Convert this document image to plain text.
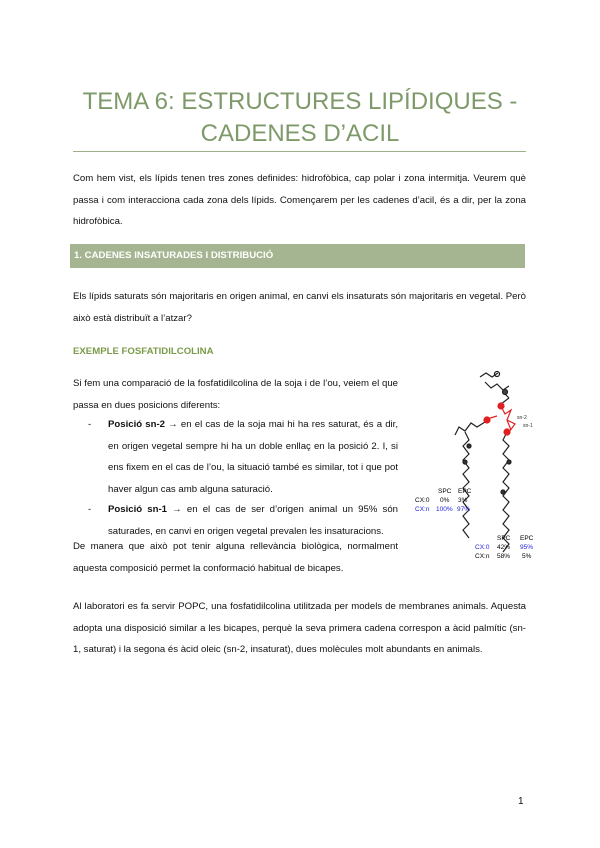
TEMA 6: ESTRUCTURES LIPÍDIQUES - CADENES D’ACIL
Com hem vist, els lípids tenen tres zones definides: hidrofòbica, cap polar i zona intermitja. Veurem què passa i com interacciona cada zona dels lípids. Començarem per les cadenes d’acil, és a dir, per la zona hidrofòbica.
1. CADENES INSATURADES I DISTRIBUCIÓ
Els lípids saturats són majoritaris en origen animal, en canvi els insaturats són majoritaris en vegetal. Però això està distribuït a l’atzar?
EXEMPLE FOSFATIDILCOLINA
Si fem una comparació de la fosfatidilcolina de la soja i de l’ou, veiem el que passa en dues posicions diferents:
- Posició sn-2 → en el cas de la soja mai hi ha res saturat, és a dir, en origen vegetal sempre hi ha un doble enllaç en la posició 2. I, si ens fixem en el cas de l’ou, la situació també es similar, tot i que pot haver algun cas amb alguna saturació.
- Posició sn-1 → en el cas de ser d’origen animal un 95% són saturades, en canvi en origen vegetal prevalen les insaturacions.
De manera que això pot tenir alguna rellevància biològica, normalment aquesta composició permet la conformació habitual de bicapes.
Al laboratori es fa servir POPC, una fosfatidilcolina utilitzada per models de membranes animals. Aquesta adopta una disposició similar a les bicapes, perquè la seva primera cadena correspon a àcid palmític (sn-1, saturat) i la segona és àcid oleic (sn-2, insaturat), dues molècules molt abundants en animals.
sn-2
sn-1
SPC EPC
CX:0 0% 3%
CX:n 100% 97%
SPC EPC
CX:0 42% 95%
CX:n 58% 5%
1
